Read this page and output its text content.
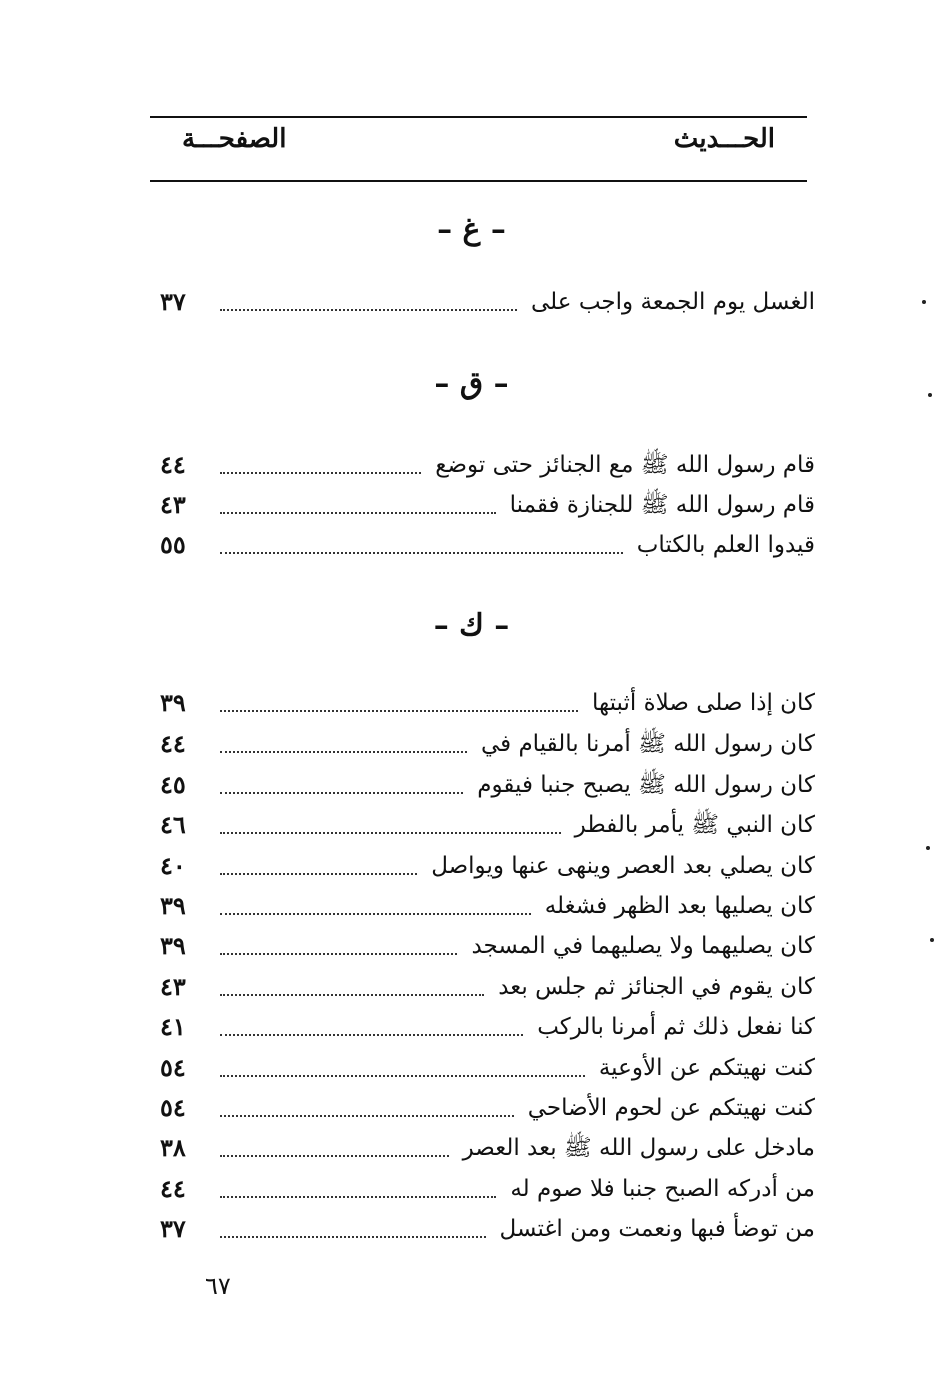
الحـــديث
الصفحـــة
– غ –
الغسل يوم الجمعة واجب على
٣٧
– ق –
قام رسول الله ﷺ مع الجنائز حتى توضع
٤٤
قام رسول الله ﷺ للجنازة فقمنا
٤٣
قيدوا العلم بالكتاب
٥٥
– ك –
كان إذا صلى صلاة أثبتها
٣٩
كان رسول الله ﷺ أمرنا بالقيام في
٤٤
كان رسول الله ﷺ يصبح جنبا فيقوم
٤٥
كان النبي ﷺ يأمر بالفطر
٤٦
كان يصلي بعد العصر وينهى عنها ويواصل
٤٠
كان يصليها بعد الظهر فشغله
٣٩
كان يصليهما ولا يصليهما في المسجد
٣٩
كان يقوم في الجنائز ثم جلس بعد
٤٣
كنا نفعل ذلك ثم أمرنا بالركب
٤١
كنت نهيتكم عن الأوعية
٥٤
كنت نهيتكم عن لحوم الأضاحي
٥٤
مادخل على رسول الله ﷺ بعد العصر
٣٨
من أدركه الصبح جنبا فلا صوم له
٤٤
من توضأ فبها ونعمت ومن اغتسل
٣٧
٦٧
